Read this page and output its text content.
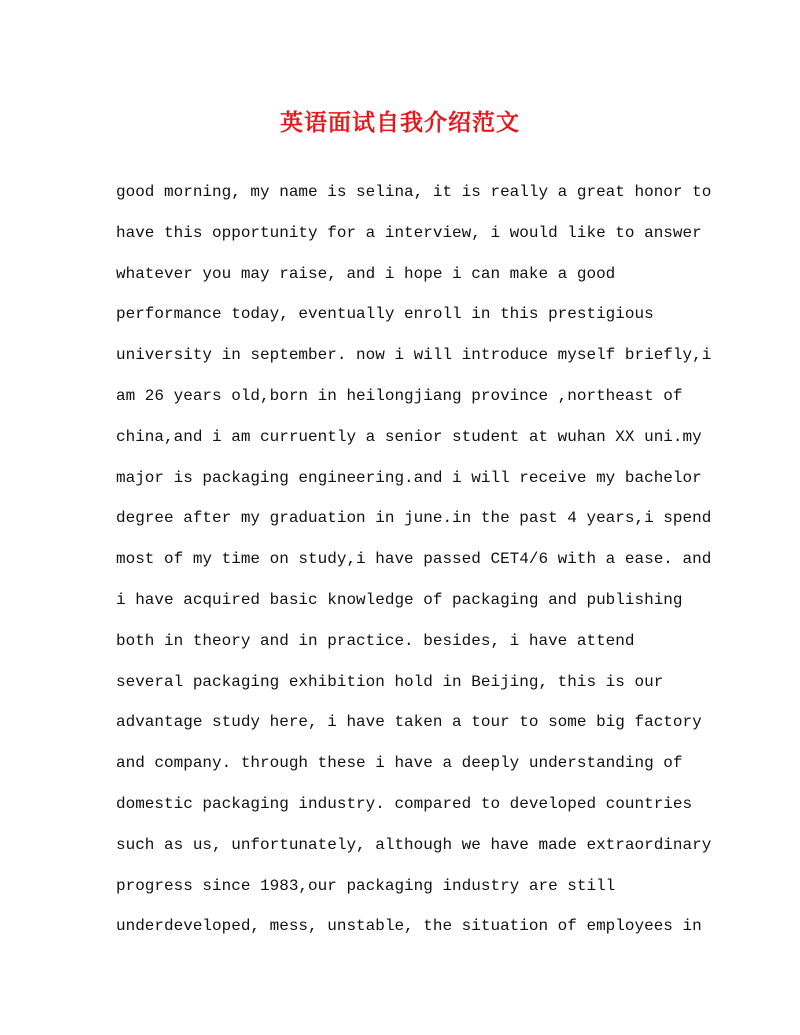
英语面试自我介绍范文
good morning, my name is selina, it is really a great honor to
have this opportunity for a interview, i would like to answer
whatever you may raise, and i hope i can make a good
performance today, eventually enroll in this prestigious
university in september. now i will introduce myself briefly,i
am 26 years old,born in heilongjiang province ,northeast of
china,and i am curruently a senior student at wuhan XX uni.my
major is packaging engineering.and i will receive my bachelor
degree after my graduation in june.in the past 4 years,i spend
most of my time on study,i have passed CET4/6 with a ease. and
i have acquired basic knowledge of packaging and publishing
both in theory and in practice. besides, i have attend
several packaging exhibition hold in Beijing, this is our
advantage study here, i have taken a tour to some big factory
and company. through these i have a deeply understanding of
domestic packaging industry. compared to developed countries
such as us, unfortunately, although we have made extraordinary
progress since 1983,our packaging industry are still
underdeveloped, mess, unstable, the situation of employees in
